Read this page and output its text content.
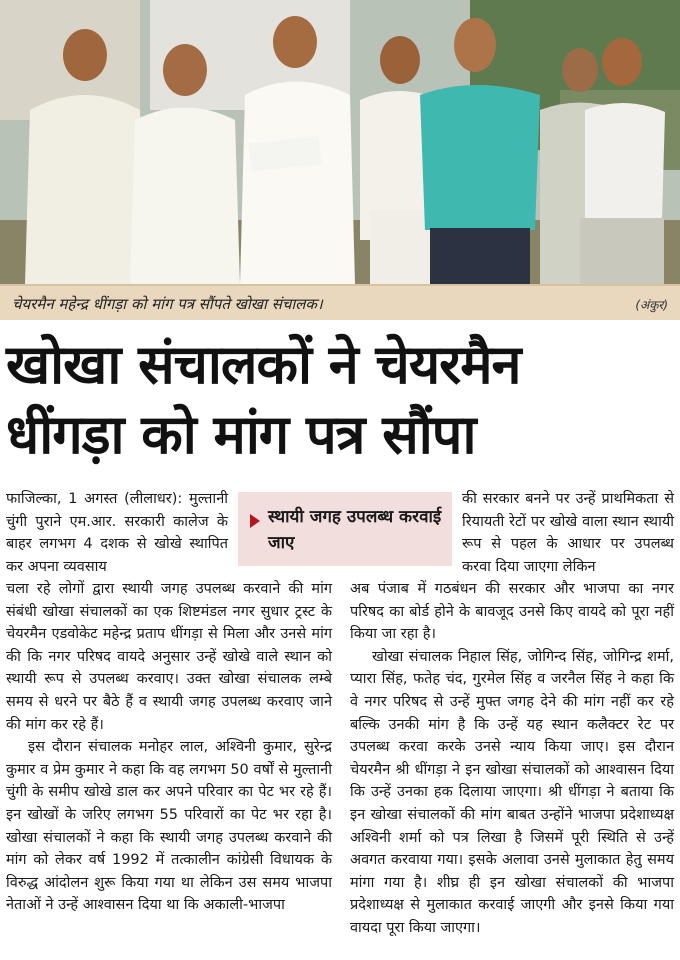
चेयरमैन महेन्द्र धींगड़ा को मांग पत्र सौंपते खोखा संचालक।	(अंकुर)
खोखा संचालकों ने चेयरमैन
धींगड़ा को मांग पत्र सौंपा

फाजिल्का, 1 अगस्त (लीलाधर): मुल्तानी चुंगी पुराने एम.आर. सरकारी कालेज के बाहर लगभग 4 दशक से खोखे स्थापित कर अपना व्यवसाय

स्थायी जगह उपलब्ध करवाई जाए

की सरकार बनने पर उन्हें प्राथमिकता से रियायती रेटों पर खोखे वाला स्थान स्थायी रूप से पहल के आधार पर उपलब्ध करवा दिया जाएगा लेकिन

चला रहे लोगों द्वारा स्थायी जगह उपलब्ध करवाने की मांग संबंधी खोखा संचालकों का एक शिष्टमंडल नगर सुधार ट्रस्ट के चेयरमैन एडवोकेट महेन्द्र प्रताप धींगड़ा से मिला और उनसे मांग की कि नगर परिषद वायदे अनुसार उन्हें खोखे वाले स्थान को स्थायी रूप से उपलब्ध करवाए। उक्त खोखा संचालक लम्बे समय से धरने पर बैठे हैं व स्थायी जगह उपलब्ध करवाए जाने की मांग कर रहे हैं।

इस दौरान संचालक मनोहर लाल, अश्विनी कुमार, सुरेन्द्र कुमार व प्रेम कुमार ने कहा कि वह लगभग 50 वर्षों से मुल्तानी चुंगी के समीप खोखे डाल कर अपने परिवार का पेट भर रहे हैं। इन खोखों के जरिए लगभग 55 परिवारों का पेट भर रहा है। खोखा संचालकों ने कहा कि स्थायी जगह उपलब्ध करवाने की मांग को लेकर वर्ष 1992 में तत्कालीन कांग्रेसी विधायक के विरुद्ध आंदोलन शुरू किया गया था लेकिन उस समय भाजपा नेताओं ने उन्हें आश्वासन दिया था कि अकाली-भाजपा

अब पंजाब में गठबंधन की सरकार और भाजपा का नगर परिषद का बोर्ड होने के बावजूद उनसे किए वायदे को पूरा नहीं किया जा रहा है।

खोखा संचालक निहाल सिंह, जोगिन्द सिंह, जोगिन्द्र शर्मा, प्यारा सिंह, फतेह चंद, गुरमेल सिंह व जरनैल सिंह ने कहा कि वे नगर परिषद से उन्हें मुफ्त जगह देने की मांग नहीं कर रहे बल्कि उनकी मांग है कि उन्हें यह स्थान कलैक्टर रेट पर उपलब्ध करवा करके उनसे न्याय किया जाए। इस दौरान चेयरमैन श्री धींगड़ा ने इन खोखा संचालकों को आश्वासन दिया कि उन्हें उनका हक दिलाया जाएगा। श्री धींगड़ा ने बताया कि इन खोखा संचालकों की मांग बाबत उन्होंने भाजपा प्रदेशाध्यक्ष अश्विनी शर्मा को पत्र लिखा है जिसमें पूरी स्थिति से उन्हें अवगत करवाया गया। इसके अलावा उनसे मुलाकात हेतु समय मांगा गया है। शीघ्र ही इन खोखा संचालकों की भाजपा प्रदेशाध्यक्ष से मुलाकात करवाई जाएगी और इनसे किया गया वायदा पूरा किया जाएगा।
